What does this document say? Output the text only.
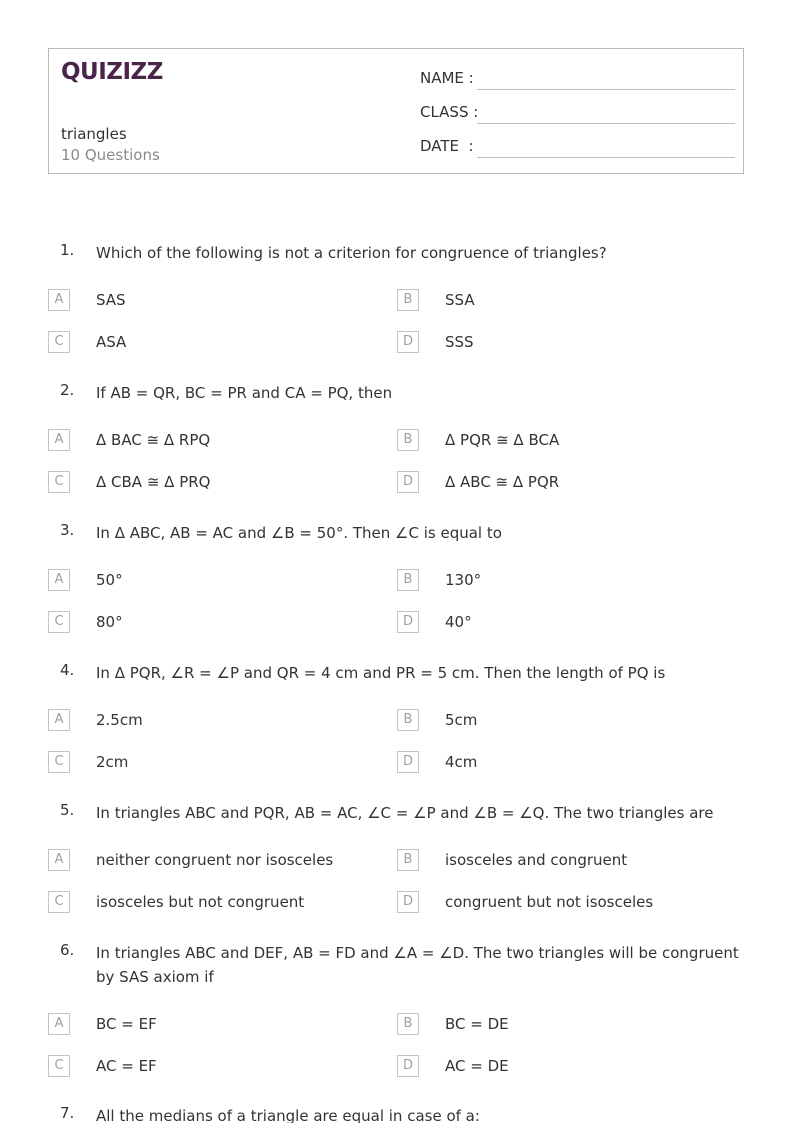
QUIZIZZ
triangles
10 Questions
NAME :
CLASS :
DATE  :
1. Which of the following is not a criterion for congruence of triangles?
A	SAS	B	SSA
C	ASA	D	SSS
2. If AB = QR, BC = PR and CA = PQ, then
A	Δ BAC ≅ Δ RPQ	B	Δ PQR ≅ Δ BCA
C	Δ CBA ≅ Δ PRQ	D	Δ ABC ≅ Δ PQR
3. In Δ ABC, AB = AC and ∠B = 50°. Then ∠C is equal to
A	50°	B	130°
C	80°	D	40°
4. In Δ PQR, ∠R = ∠P and QR = 4 cm and PR = 5 cm. Then the length of PQ is
A	2.5cm	B	5cm
C	2cm	D	4cm
5. In triangles ABC and PQR, AB = AC, ∠C = ∠P and ∠B = ∠Q. The two triangles are
A	neither congruent nor isosceles	B	isosceles and congruent
C	isosceles but not congruent	D	congruent but not isosceles
6. In triangles ABC and DEF, AB = FD and ∠A = ∠D. The two triangles will be congruent by SAS axiom if
A	BC = EF	B	BC = DE
C	AC = EF	D	AC = DE
7. All the medians of a triangle are equal in case of a:
